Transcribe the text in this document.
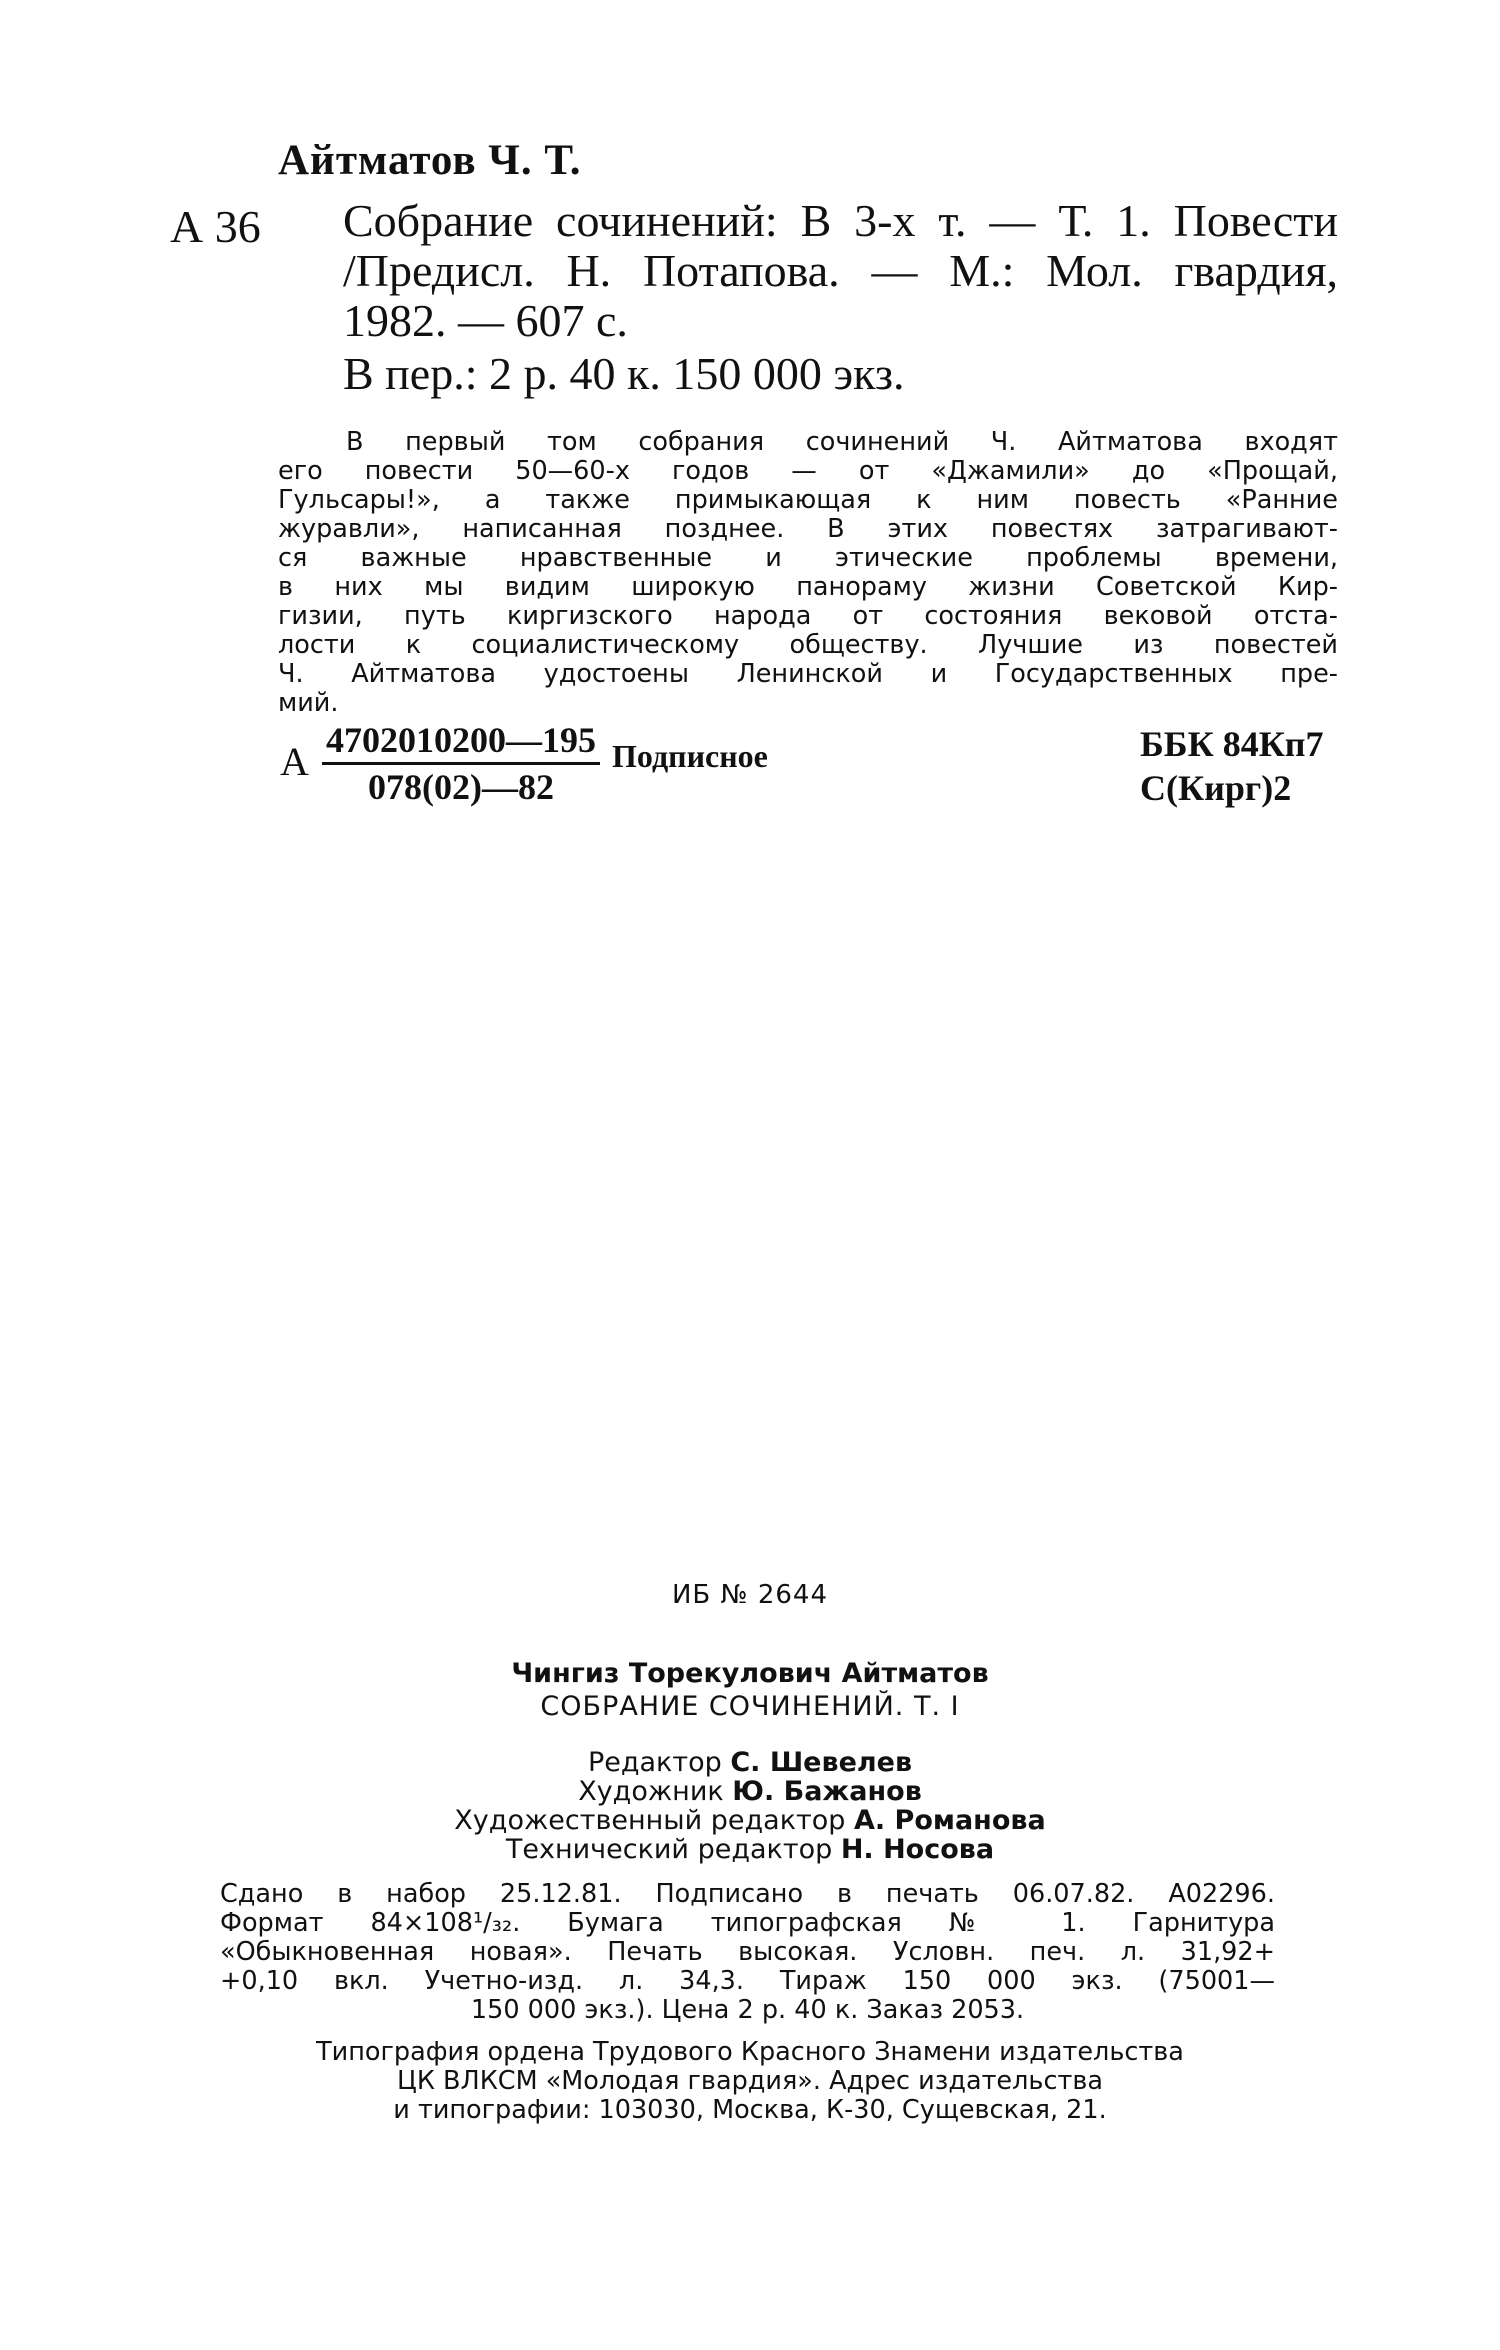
Айтматов Ч. Т.
А 36 Собрание сочинений: В 3-х т. — Т. 1. Повести
/Предисл. Н. Потапова. — М.: Мол. гвардия,
1982. — 607 с.
В пер.: 2 р. 40 к. 150 000 экз.
В первый том собрания сочинений Ч. Айтматова входят
его повести 50—60-х годов — от «Джамили» до «Прощай,
Гульсары!», а также примыкающая к ним повесть «Ранние
журавли», написанная позднее. В этих повестях затрагивают-
ся важные нравственные и этические проблемы времени,
в них мы видим широкую панораму жизни Советской Кир-
гизии, путь киргизского народа от состояния вековой отста-
лости к социалистическому обществу. Лучшие из повестей
Ч. Айтматова удостоены Ленинской и Государственных пре-
мий.
А $\frac{4702010200—195}{078(02)—82}$ Подписное	ББК 84Кп7
С(Кирг)2
ИБ № 2644
Чингиз Торекулович Айтматов
СОБРАНИЕ СОЧИНЕНИЙ. Т. I
Редактор С. Шевелев
Художник Ю. Бажанов
Художественный редактор А. Романова
Технический редактор Н. Носова
Сдано в набор 25.12.81. Подписано в печать 06.07.82. А02296.
Формат 84×108¹/₃₂. Бумага типографская № 1. Гарнитура
«Обыкновенная новая». Печать высокая. Условн. печ. л. 31,92+
+0,10 вкл. Учетно-изд. л. 34,3. Тираж 150 000 экз. (75001—
150 000 экз.). Цена 2 р. 40 к. Заказ 2053.
Типография ордена Трудового Красного Знамени издательства
ЦК ВЛКСМ «Молодая гвардия». Адрес издательства
и типографии: 103030, Москва, К-30, Сущевская, 21.
